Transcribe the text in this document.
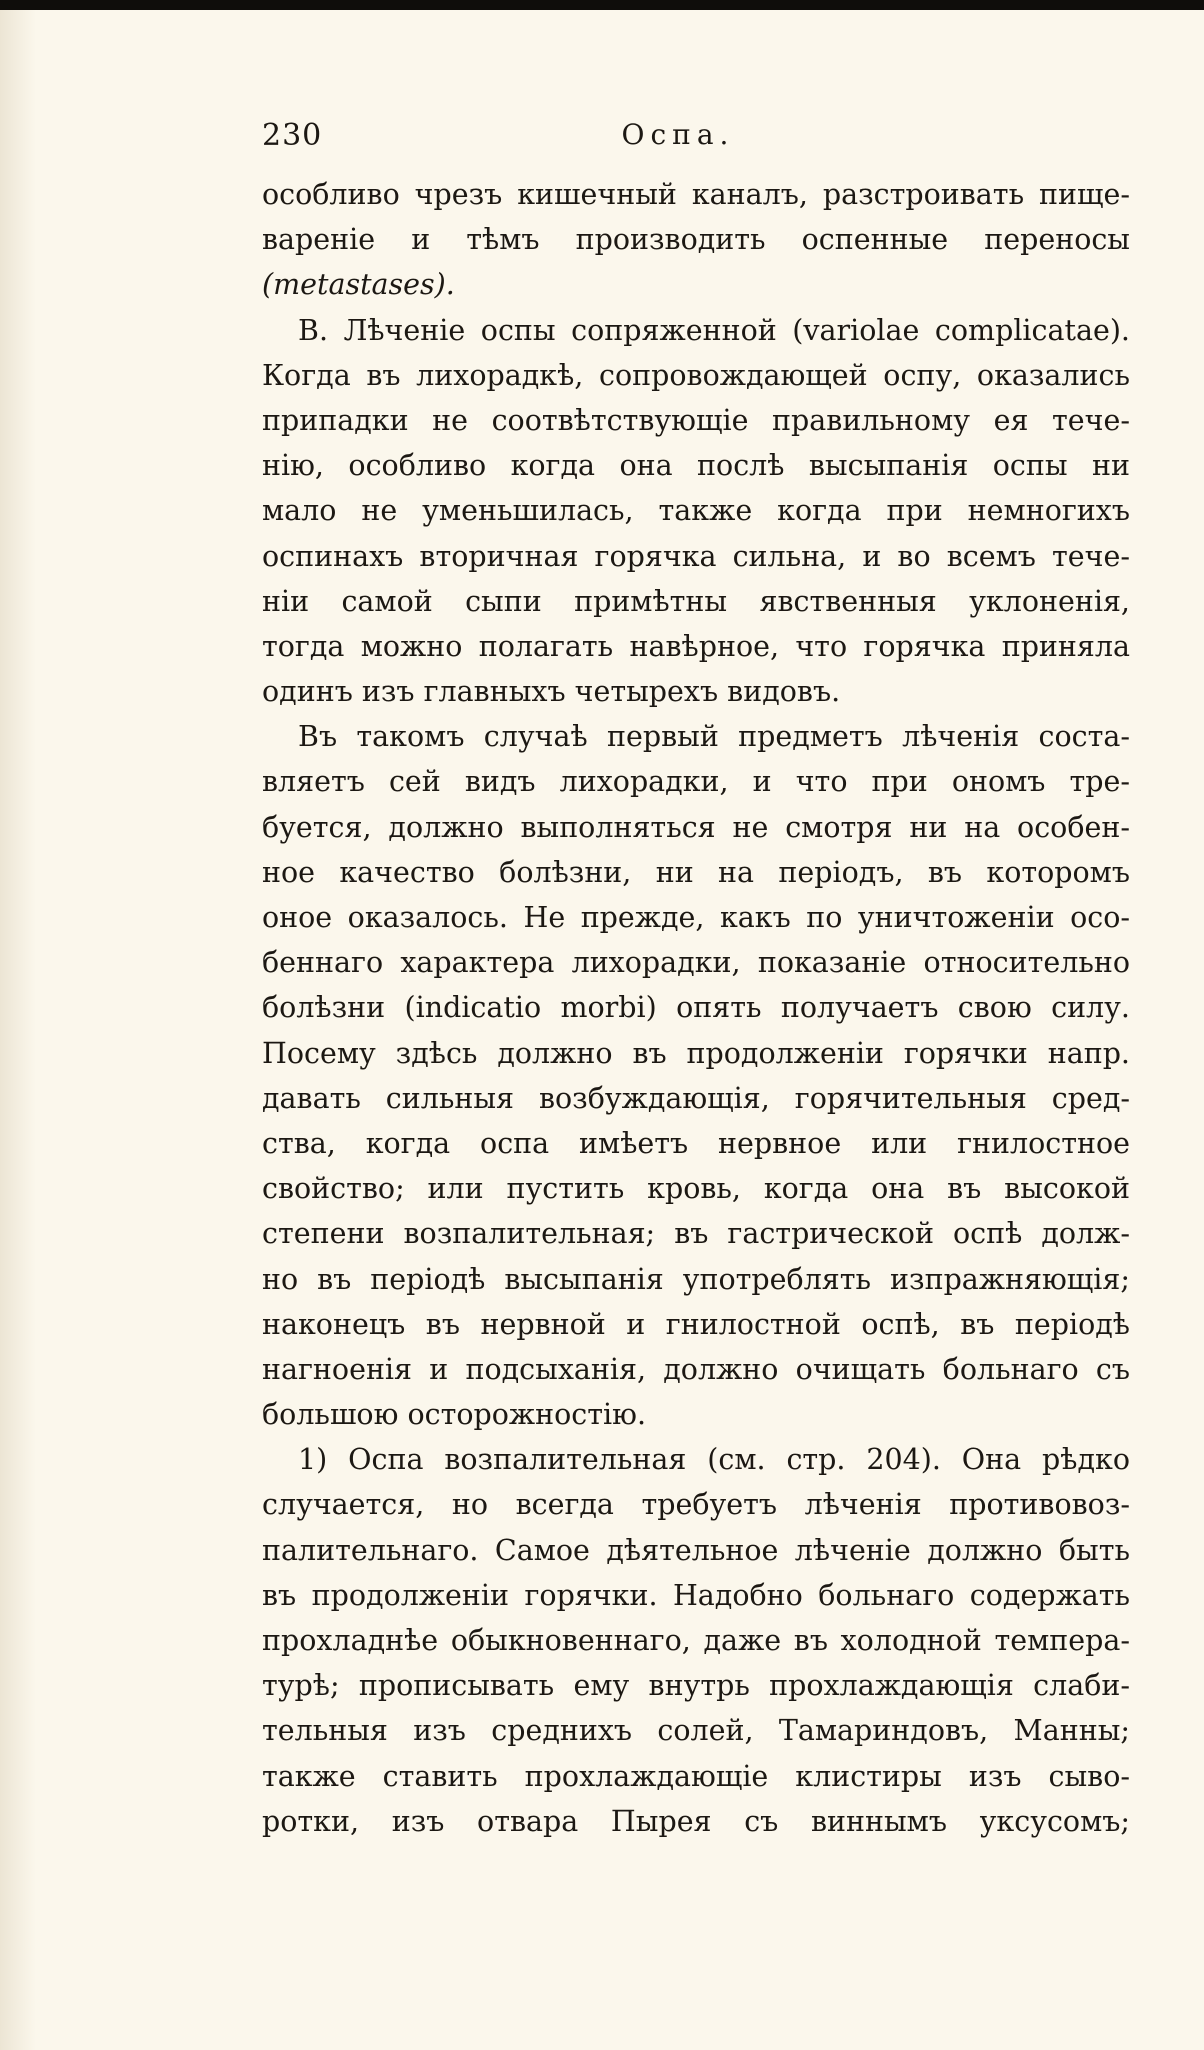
230	Оспа.
особливо чрезъ кишечный каналъ, разстроивать пище-
вареніе и тѣмъ производить оспенные переносы
(metastases).
В. Лѣченіе оспы сопряженной (variolae complicatae).
Когда въ лихорадкѣ, сопровождающей оспу, оказались
припадки не соотвѣтствующіе правильному ея тече-
нію, особливо когда она послѣ высыпанія оспы ни
мало не уменьшилась, также когда при немногихъ
оспинахъ вторичная горячка сильна, и во всемъ тече-
ніи самой сыпи примѣтны явственныя уклоненія,
тогда можно полагать навѣрное, что горячка приняла
одинъ изъ главныхъ четырехъ видовъ.
Въ такомъ случаѣ первый предметъ лѣченія соста-
вляетъ сей видъ лихорадки, и что при ономъ тре-
буется, должно выполняться не смотря ни на особен-
ное качество болѣзни, ни на періодъ, въ которомъ
оное оказалось. Не прежде, какъ по уничтоженіи осо-
беннаго характера лихорадки, показаніе относительно
болѣзни (indicatio morbi) опять получаетъ свою силу.
Посему здѣсь должно въ продолженіи горячки напр.
давать сильныя возбуждающія, горячительныя сред-
ства, когда оспа имѣетъ нервное или гнилостное
свойство; или пустить кровь, когда она въ высокой
степени возпалительная; въ гастрической оспѣ долж-
но въ періодѣ высыпанія употреблять изпражняющія;
наконецъ въ нервной и гнилостной оспѣ, въ періодѣ
нагноенія и подсыханія, должно очищать больнаго съ
большою осторожностію.
1) Оспа возпалительная (см. стр. 204). Она рѣдко
случается, но всегда требуетъ лѣченія противовоз-
палительнаго. Самое дѣятельное лѣченіе должно быть
въ продолженіи горячки. Надобно больнаго содержать
прохладнѣе обыкновеннаго, даже въ холодной темпера-
турѣ; прописывать ему внутрь прохлаждающія слаби-
тельныя изъ среднихъ солей, Тамариндовъ, Манны;
также ставить прохлаждающіе клистиры изъ сыво-
ротки, изъ отвара Пырея съ виннымъ уксусомъ;
